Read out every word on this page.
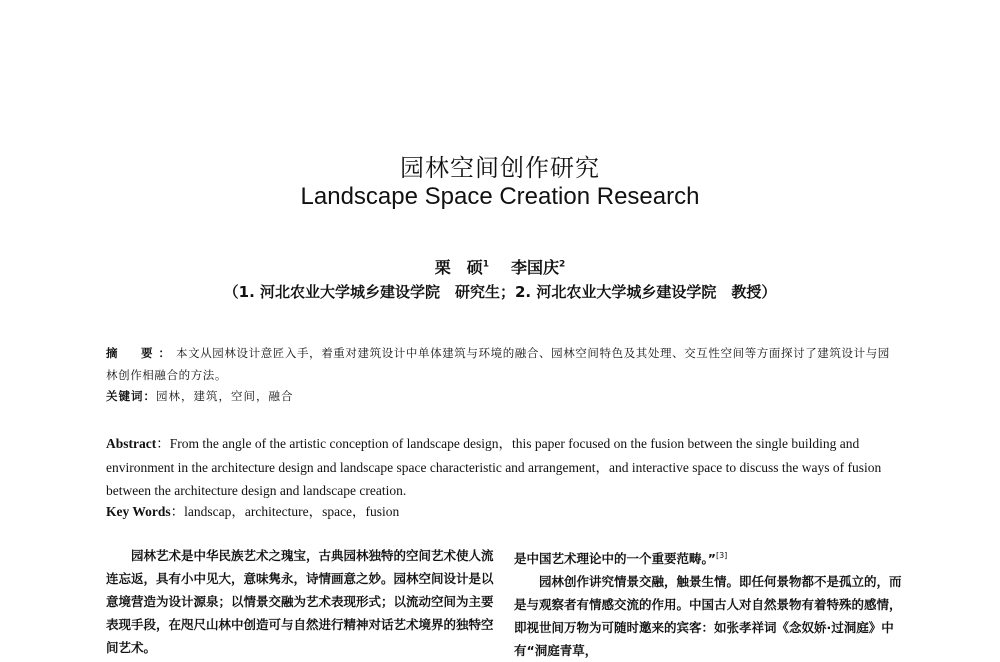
园林空间创作研究
Landscape Space Creation Research
栗　硕$^1$ 李国庆$^2$
（1. 河北农业大学城乡建设学院　研究生；2. 河北农业大学城乡建设学院　教授）
摘　要：本文从园林设计意匠入手，着重对建筑设计中单体建筑与环境的融合、园林空间特色及其处理、交互性空间等方面探讨了建筑设计与园林创作相融合的方法。
关键词：园林，建筑，空间，融合
Abstract：From the angle of the artistic conception of landscape design，this paper focused on the fusion between the single building and environment in the architecture design and landscape space characteristic and arrangement，and interactive space to discuss the ways of fusion between the architecture design and landscape creation.
Key Words：landscap，architecture，space，fusion

园林艺术是中华民族艺术之瑰宝，古典园林独特的空间艺术使人流连忘返，具有小中见大，意味隽永，诗情画意之妙。园林空间设计是以意境营造为设计源泉；以情景交融为艺术表现形式；以流动空间为主要表现手段，在咫尺山林中创造可与自然进行精神对话艺术境界的独特空间艺术。

是中国艺术理论中的一个重要范畴。”[3]

园林创作讲究情景交融，触景生情。即任何景物都不是孤立的，而是与观察者有情感交流的作用。中国古人对自然景物有着特殊的感情，即视世间万物为可随时邀来的宾客：如张孝祥词《念奴娇·过洞庭》中有“洞庭青草，
